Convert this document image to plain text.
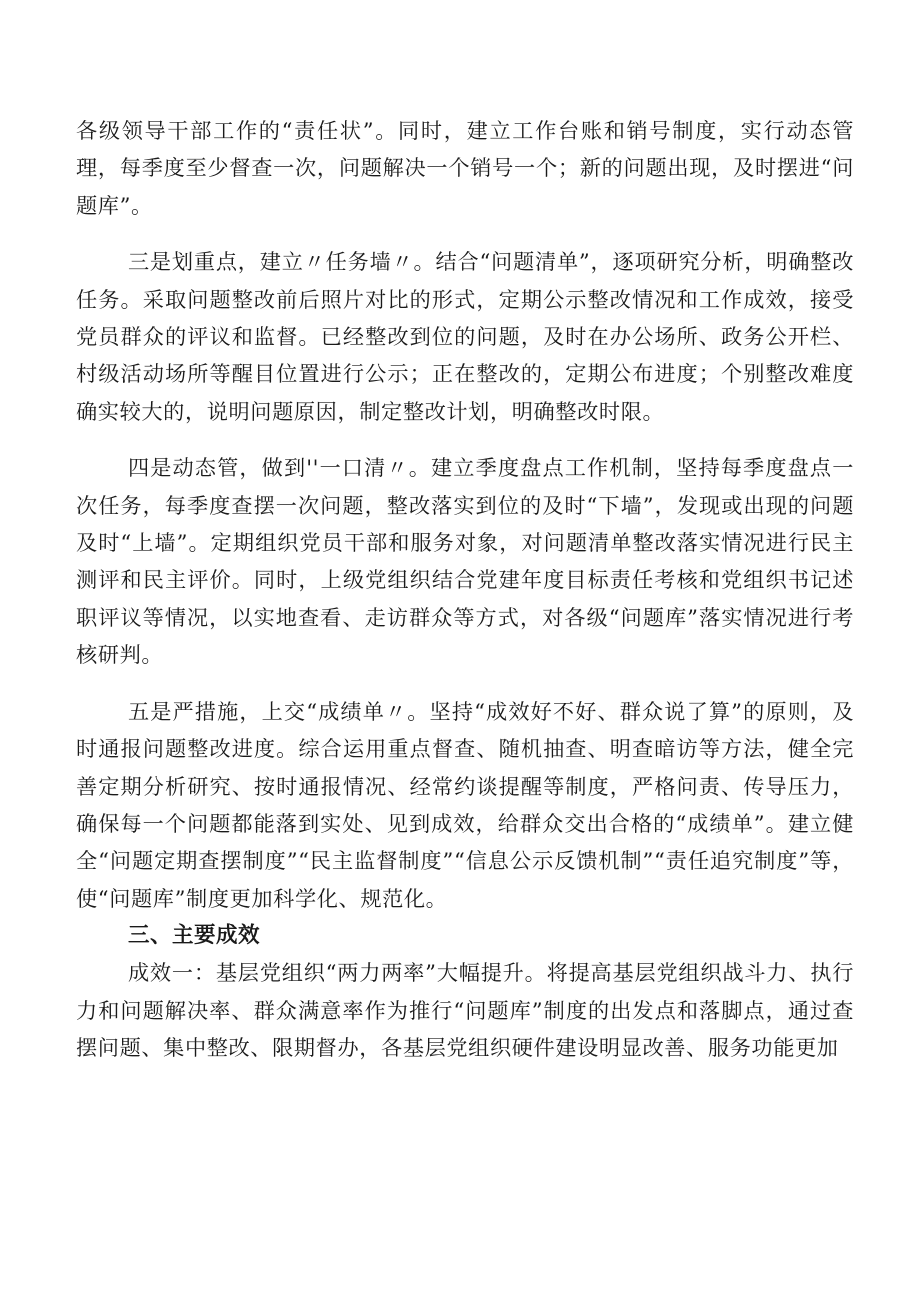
各级领导干部工作的“责任状”。同时，建立工作台账和销号制度，实行动态管理，每季度至少督查一次，问题解决一个销号一个；新的问题出现，及时摆进“问题库”。

三是划重点，建立〃任务墙〃。结合“问题清单”，逐项研究分析，明确整改任务。采取问题整改前后照片对比的形式，定期公示整改情况和工作成效，接受党员群众的评议和监督。已经整改到位的问题，及时在办公场所、政务公开栏、村级活动场所等醒目位置进行公示；正在整改的，定期公布进度；个别整改难度确实较大的，说明问题原因，制定整改计划，明确整改时限。

四是动态管，做到''一口清〃。建立季度盘点工作机制，坚持每季度盘点一次任务，每季度查摆一次问题，整改落实到位的及时“下墙”，发现或出现的问题及时“上墙”。定期组织党员干部和服务对象，对问题清单整改落实情况进行民主测评和民主评价。同时，上级党组织结合党建年度目标责任考核和党组织书记述职评议等情况，以实地查看、走访群众等方式，对各级“问题库”落实情况进行考核研判。

五是严措施，上交“成绩单〃。坚持“成效好不好、群众说了算”的原则，及时通报问题整改进度。综合运用重点督查、随机抽查、明查暗访等方法，健全完善定期分析研究、按时通报情况、经常约谈提醒等制度，严格问责、传导压力，确保每一个问题都能落到实处、见到成效，给群众交出合格的“成绩单”。建立健全“问题定期查摆制度”“民主监督制度”“信息公示反馈机制”“责任追究制度”等，使“问题库”制度更加科学化、规范化。

三、主要成效

成效一：基层党组织“两力两率”大幅提升。将提高基层党组织战斗力、执行力和问题解决率、群众满意率作为推行“问题库”制度的出发点和落脚点，通过查摆问题、集中整改、限期督办，各基层党组织硬件建设明显改善、服务功能更加
